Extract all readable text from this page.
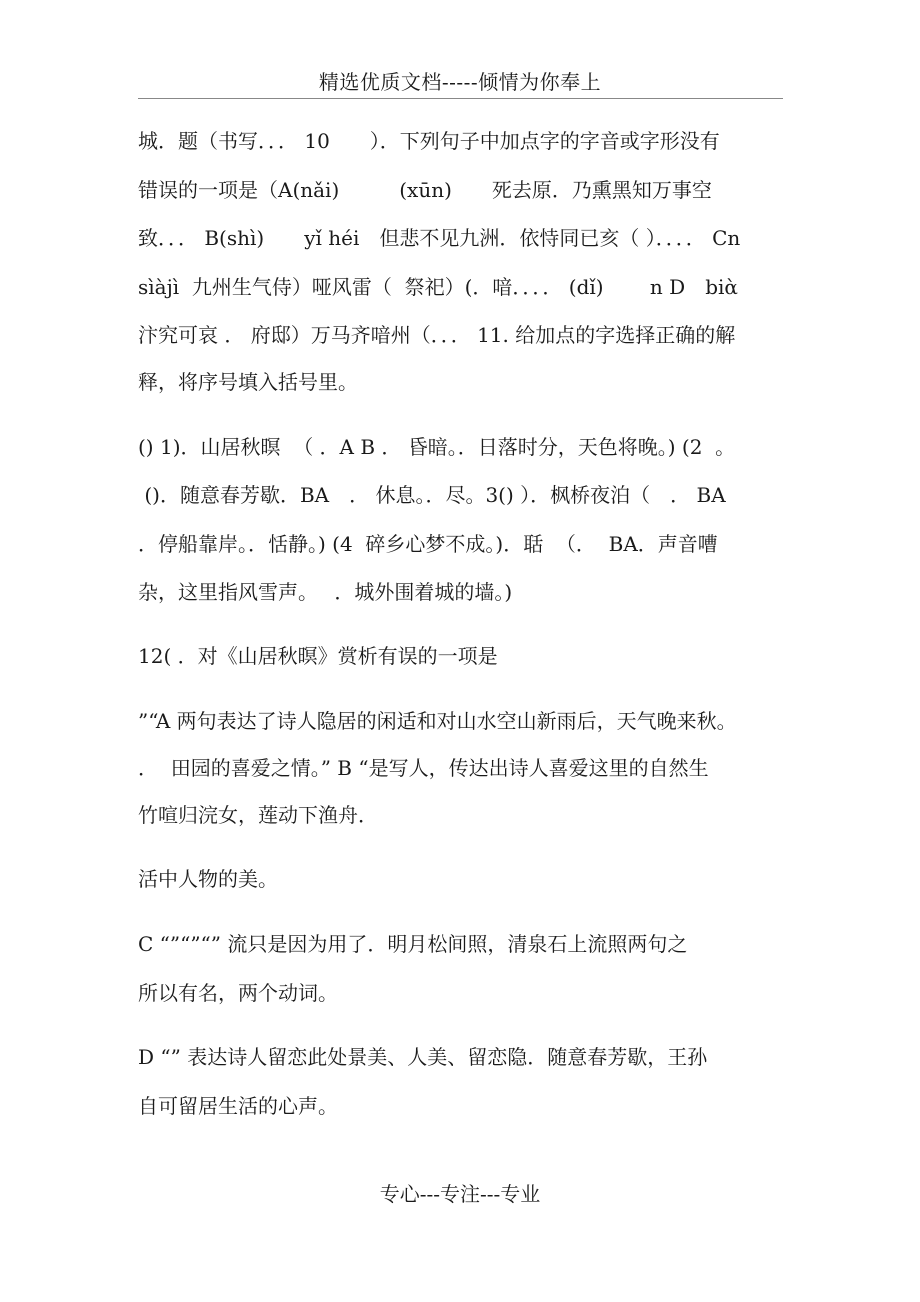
精选优质文档-----倾情为你奉上
城．题（书写．．． 10　　）．下列句子中加点字的字音或字形没有
错误的一项是（A(nǎi)　　　(xūn)　　死去原．乃熏黑知万事空
致．．． B(shì)　　yǐ héi　但悲不见九洲．依恃同已亥（ ）．．．． Cn
sìàjì  九州生气侍）哑风雷（  祭祀）(．喑．．．． (dǐ)　　 n D　biὰ
汴究可哀 ． 府邸）万马齐喑州（．．． 11. 给加点的字选择正确的解
释，将序号填入括号里。
() 1)．山居秋暝  （ ．A B ． 昏暗。．日落时分，天色将晚。) (2  。
()．随意春芳歇．BA　． 休息。．尽。3() ）．枫桥夜泊（　． BA
．停船靠岸。．恬静。) (4  碎乡心梦不成。)．聒  （．  BA．声音嘈
杂，这里指风雪声。　 ．城外围着城的墙。)
12( ．对《山居秋暝》赏析有误的一项是
”“A 两句表达了诗人隐居的闲适和对山水空山新雨后，天气晚来秋。
．  田园的喜爱之情。” B “是写人，传达出诗人喜爱这里的自然生
竹喧归浣女，莲动下渔舟．
活中人物的美。
C “”“”“” 流只是因为用了．明月松间照，清泉石上流照两句之
所以有名，两个动词。
D “” 表达诗人留恋此处景美、人美、留恋隐．随意春芳歇，王孙
自可留居生活的心声。
专心---专注---专业
